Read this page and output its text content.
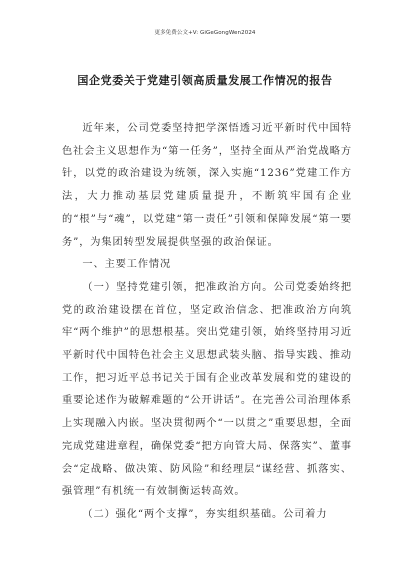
更多免费公文+V: GiGeGongWen2024
国企党委关于党建引领高质量发展工作情况的报告

近年来，公司党委坚持把学深悟透习近平新时代中国特色社会主义思想作为“第一任务”，坚持全面从严治党战略方针，以党的政治建设为统领，深入实施“1236”党建工作方法，大力推动基层党建质量提升，不断筑牢国有企业的“根”与“魂”，以党建“第一责任”引领和保障发展“第一要务”，为集团转型发展提供坚强的政治保证。

一、主要工作情况

（一）坚持党建引领，把准政治方向。公司党委始终把党的政治建设摆在首位，坚定政治信念、把准政治方向筑牢“两个维护”的思想根基。突出党建引领，始终坚持用习近平新时代中国特色社会主义思想武装头脑、指导实践、推动工作，把习近平总书记关于国有企业改革发展和党的建设的重要论述作为破解难题的“公开讲话”。在完善公司治理体系上实现融入内嵌。坚决贯彻两个“一以贯之”重要思想，全面完成党建进章程，确保党委“把方向管大局、保落实”、董事会“定战略、做决策、防风险”和经理层“谋经营、抓落实、强管理”有机统一有效制衡运转高效。

（二）强化“两个支撑”，夯实组织基础。公司着力
